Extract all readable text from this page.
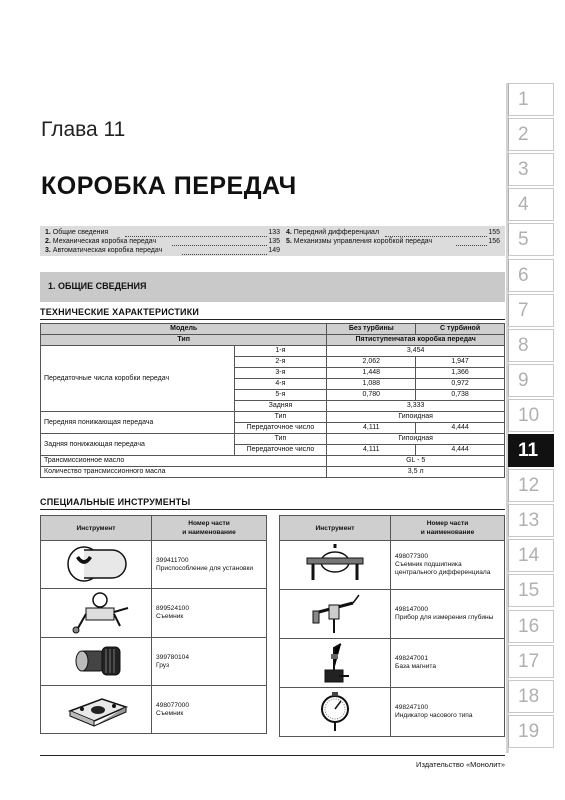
Глава 11
КОРОБКА ПЕРЕДАЧ
1. Общие сведения	133
2. Механическая коробка передач	135
3. Автоматическая коробка передач	149
4. Передний дифференциал	155
5. Механизмы управления коробкой передач	156
1. ОБЩИЕ СВЕДЕНИЯ
ТЕХНИЧЕСКИЕ ХАРАКТЕРИСТИКИ
Модель		Без турбины	С турбиной
Тип		Пятиступенчатая коробка передач	
Передаточные числа коробки передач	1-я	3,454	
	2-я	2,062	1,947
	3-я	1,448	1,366
	4-я	1,088	0,972
	5-я	0,780	0,738
	Задняя	3,333	
Передняя понижающая передача	Тип	Гипоидная	
	Передаточное число	4,111	4,444
Задняя понижающая передача	Тип	Гипоидная	
	Передаточное число	4,111	4,444
Трансмиссионное масло		GL - 5	
Количество трансмиссионного масла		3,5 л	
СПЕЦИАЛЬНЫЕ ИНСТРУМЕНТЫ
Инструмент	Номер части
и наименование

399411700
Приспособление для установки

899524100
Съемник

399780104
Груз

498077000
Съемник
Инструмент	Номер части
и наименование

498077300
Съемник подшипника центрального дифференциала

498147000
Прибор для измерения глубины

498247001
База магнита

498247100
Индикатор часового типа
Издательство «Монолит»
1
2
3
4
5
6
7
8
9
10
11
12
13
14
15
16
17
18
19
